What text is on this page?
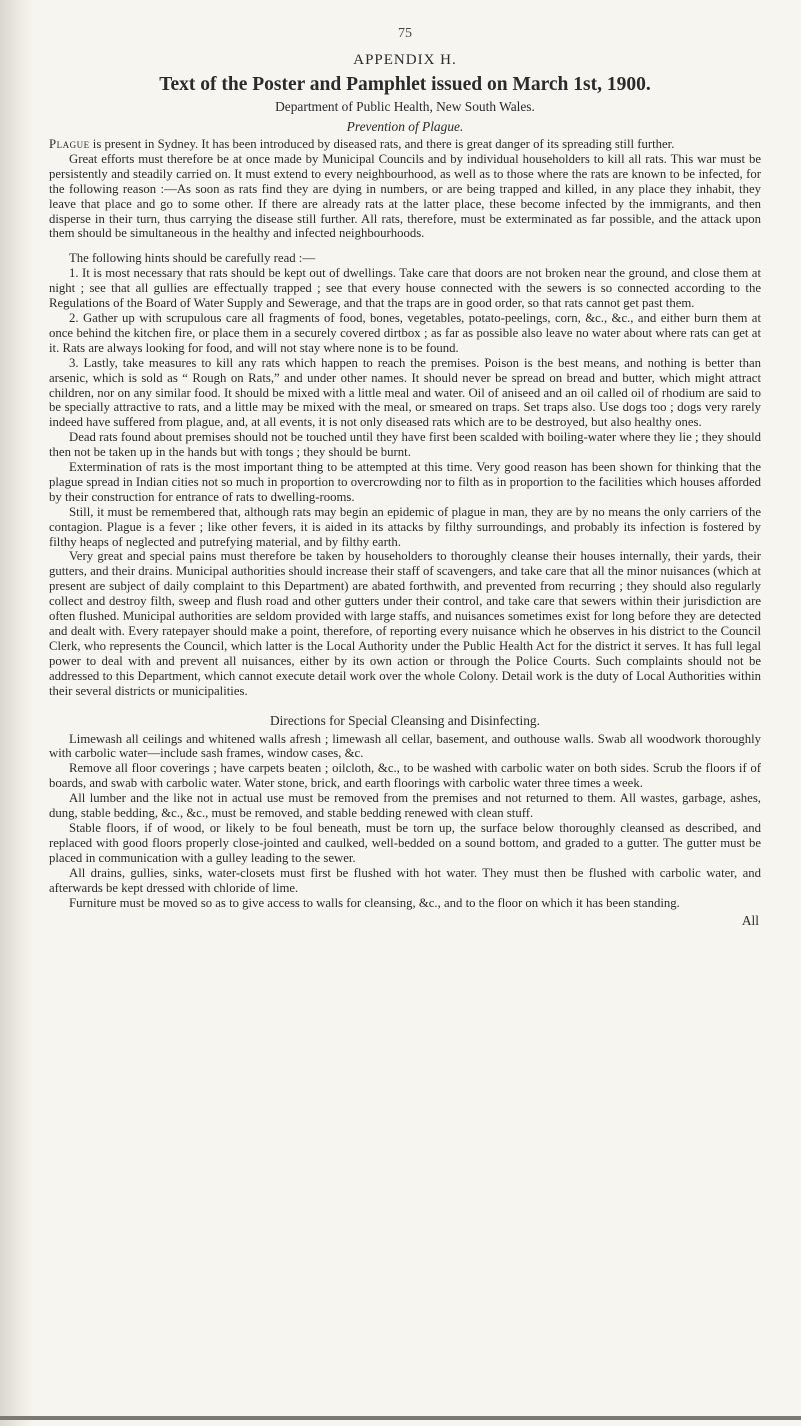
75
APPENDIX H.
Text of the Poster and Pamphlet issued on March 1st, 1900.
Department of Public Health, New South Wales.
Prevention of Plague.

Plague is present in Sydney. It has been introduced by diseased rats, and there is great danger of its spreading still further.

Great efforts must therefore be at once made by Municipal Councils and by individual householders to kill all rats. This war must be persistently and steadily carried on. It must extend to every neighbourhood, as well as to those where the rats are known to be infected, for the following reason :—As soon as rats find they are dying in numbers, or are being trapped and killed, in any place they inhabit, they leave that place and go to some other. If there are already rats at the latter place, these become infected by the immigrants, and then disperse in their turn, thus carrying the disease still further. All rats, therefore, must be exterminated as far possible, and the attack upon them should be simultaneous in the healthy and infected neighbourhoods.

The following hints should be carefully read :—

1. It is most necessary that rats should be kept out of dwellings. Take care that doors are not broken near the ground, and close them at night ; see that all gullies are effectually trapped ; see that every house connected with the sewers is so connected according to the Regulations of the Board of Water Supply and Sewerage, and that the traps are in good order, so that rats cannot get past them.

2. Gather up with scrupulous care all fragments of food, bones, vegetables, potato-peelings, corn, &c., &c., and either burn them at once behind the kitchen fire, or place them in a securely covered dirtbox ; as far as possible also leave no water about where rats can get at it. Rats are always looking for food, and will not stay where none is to be found.

3. Lastly, take measures to kill any rats which happen to reach the premises. Poison is the best means, and nothing is better than arsenic, which is sold as “ Rough on Rats,” and under other names. It should never be spread on bread and butter, which might attract children, nor on any similar food. It should be mixed with a little meal and water. Oil of aniseed and an oil called oil of rhodium are said to be specially attractive to rats, and a little may be mixed with the meal, or smeared on traps. Set traps also. Use dogs too ; dogs very rarely indeed have suffered from plague, and, at all events, it is not only diseased rats which are to be destroyed, but also healthy ones.

Dead rats found about premises should not be touched until they have first been scalded with boiling-water where they lie ; they should then not be taken up in the hands but with tongs ; they should be burnt.

Extermination of rats is the most important thing to be attempted at this time. Very good reason has been shown for thinking that the plague spread in Indian cities not so much in proportion to overcrowding nor to filth as in proportion to the facilities which houses afforded by their construction for entrance of rats to dwelling-rooms.

Still, it must be remembered that, although rats may begin an epidemic of plague in man, they are by no means the only carriers of the contagion. Plague is a fever ; like other fevers, it is aided in its attacks by filthy surroundings, and probably its infection is fostered by filthy heaps of neglected and putrefying material, and by filthy earth.

Very great and special pains must therefore be taken by householders to thoroughly cleanse their houses internally, their yards, their gutters, and their drains. Municipal authorities should increase their staff of scavengers, and take care that all the minor nuisances (which at present are subject of daily complaint to this Department) are abated forthwith, and prevented from recurring ; they should also regularly collect and destroy filth, sweep and flush road and other gutters under their control, and take care that sewers within their jurisdiction are often flushed. Municipal authorities are seldom provided with large staffs, and nuisances sometimes exist for long before they are detected and dealt with. Every ratepayer should make a point, therefore, of reporting every nuisance which he observes in his district to the Council Clerk, who represents the Council, which latter is the Local Authority under the Public Health Act for the district it serves. It has full legal power to deal with and prevent all nuisances, either by its own action or through the Police Courts. Such complaints should not be addressed to this Department, which cannot execute detail work over the whole Colony. Detail work is the duty of Local Authorities within their several districts or municipalities.

Directions for Special Cleansing and Disinfecting.

Limewash all ceilings and whitened walls afresh ; limewash all cellar, basement, and outhouse walls. Swab all woodwork thoroughly with carbolic water—include sash frames, window cases, &c.

Remove all floor coverings ; have carpets beaten ; oilcloth, &c., to be washed with carbolic water on both sides. Scrub the floors if of boards, and swab with carbolic water. Water stone, brick, and earth floorings with carbolic water three times a week.

All lumber and the like not in actual use must be removed from the premises and not returned to them. All wastes, garbage, ashes, dung, stable bedding, &c., &c., must be removed, and stable bedding renewed with clean stuff.

Stable floors, if of wood, or likely to be foul beneath, must be torn up, the surface below thoroughly cleansed as described, and replaced with good floors properly close-jointed and caulked, well-bedded on a sound bottom, and graded to a gutter. The gutter must be placed in communication with a gulley leading to the sewer.

All drains, gullies, sinks, water-closets must first be flushed with hot water. They must then be flushed with carbolic water, and afterwards be kept dressed with chloride of lime.

Furniture must be moved so as to give access to walls for cleansing, &c., and to the floor on which it has been standing.

All
